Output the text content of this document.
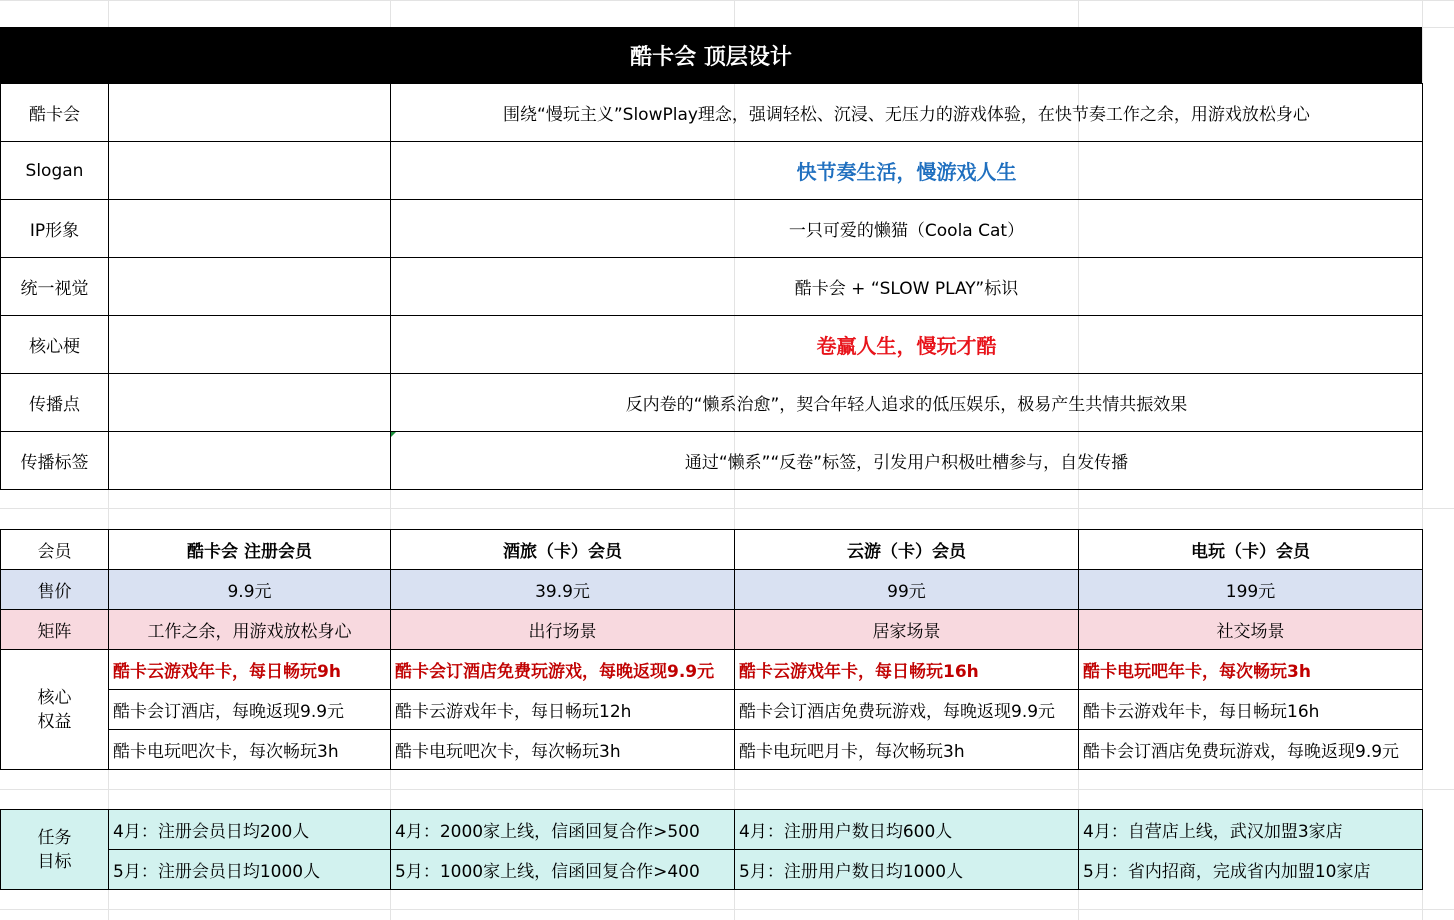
酷卡会 顶层设计
酷卡会	围绕“慢玩主义”SlowPlay理念，强调轻松、沉浸、无压力的游戏体验，在快节奏工作之余，用游戏放松身心
Slogan	快节奏生活，慢游戏人生
IP形象	一只可爱的懒猫（Coola Cat）
统一视觉	酷卡会 + “SLOW PLAY”标识
核心梗	卷赢人生，慢玩才酷
传播点	反内卷的“懒系治愈”，契合年轻人追求的低压娱乐，极易产生共情共振效果
传播标签	通过“懒系”“反卷”标签，引发用户积极吐槽参与，自发传播
会员	酷卡会 注册会员	酒旅（卡）会员	云游（卡）会员	电玩（卡）会员
售价	9.9元	39.9元	99元	199元
矩阵	工作之余，用游戏放松身心	出行场景	居家场景	社交场景
核心
权益
酷卡云游戏年卡，每日畅玩9h	酷卡会订酒店免费玩游戏，每晚返现9.9元	酷卡云游戏年卡，每日畅玩16h	酷卡电玩吧年卡，每次畅玩3h
酷卡会订酒店，每晚返现9.9元	酷卡云游戏年卡，每日畅玩12h	酷卡会订酒店免费玩游戏，每晚返现9.9元	酷卡云游戏年卡，每日畅玩16h
酷卡电玩吧次卡，每次畅玩3h	酷卡电玩吧次卡，每次畅玩3h	酷卡电玩吧月卡，每次畅玩3h	酷卡会订酒店免费玩游戏，每晚返现9.9元
任务
目标
4月：注册会员日均200人	4月：2000家上线，信函回复合作>500	4月：注册用户数日均600人	4月：自营店上线，武汉加盟3家店
5月：注册会员日均1000人	5月：1000家上线，信函回复合作>400	5月：注册用户数日均1000人	5月：省内招商，完成省内加盟10家店
